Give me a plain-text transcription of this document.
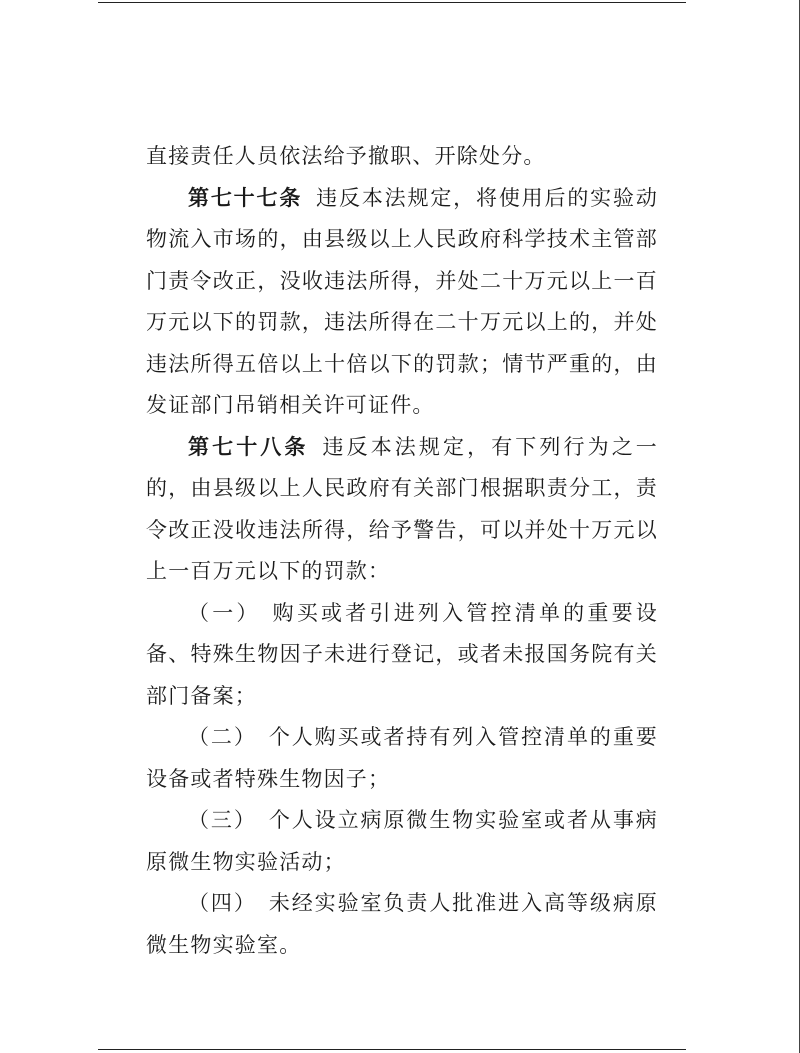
直接责任人员依法给予撤职、开除处分。

第七十七条 违反本法规定，将使用后的实验动物流入市场的，由县级以上人民政府科学技术主管部门责令改正，没收违法所得，并处二十万元以上一百万元以下的罚款，违法所得在二十万元以上的，并处违法所得五倍以上十倍以下的罚款；情节严重的，由发证部门吊销相关许可证件。

第七十八条 违反本法规定，有下列行为之一的，由县级以上人民政府有关部门根据职责分工，责令改正没收违法所得，给予警告，可以并处十万元以上一百万元以下的罚款：

（一） 购买或者引进列入管控清单的重要设备、特殊生物因子未进行登记，或者未报国务院有关部门备案；

（二） 个人购买或者持有列入管控清单的重要设备或者特殊生物因子；

（三） 个人设立病原微生物实验室或者从事病原微生物实验活动；

（四） 未经实验室负责人批准进入高等级病原微生物实验室。
